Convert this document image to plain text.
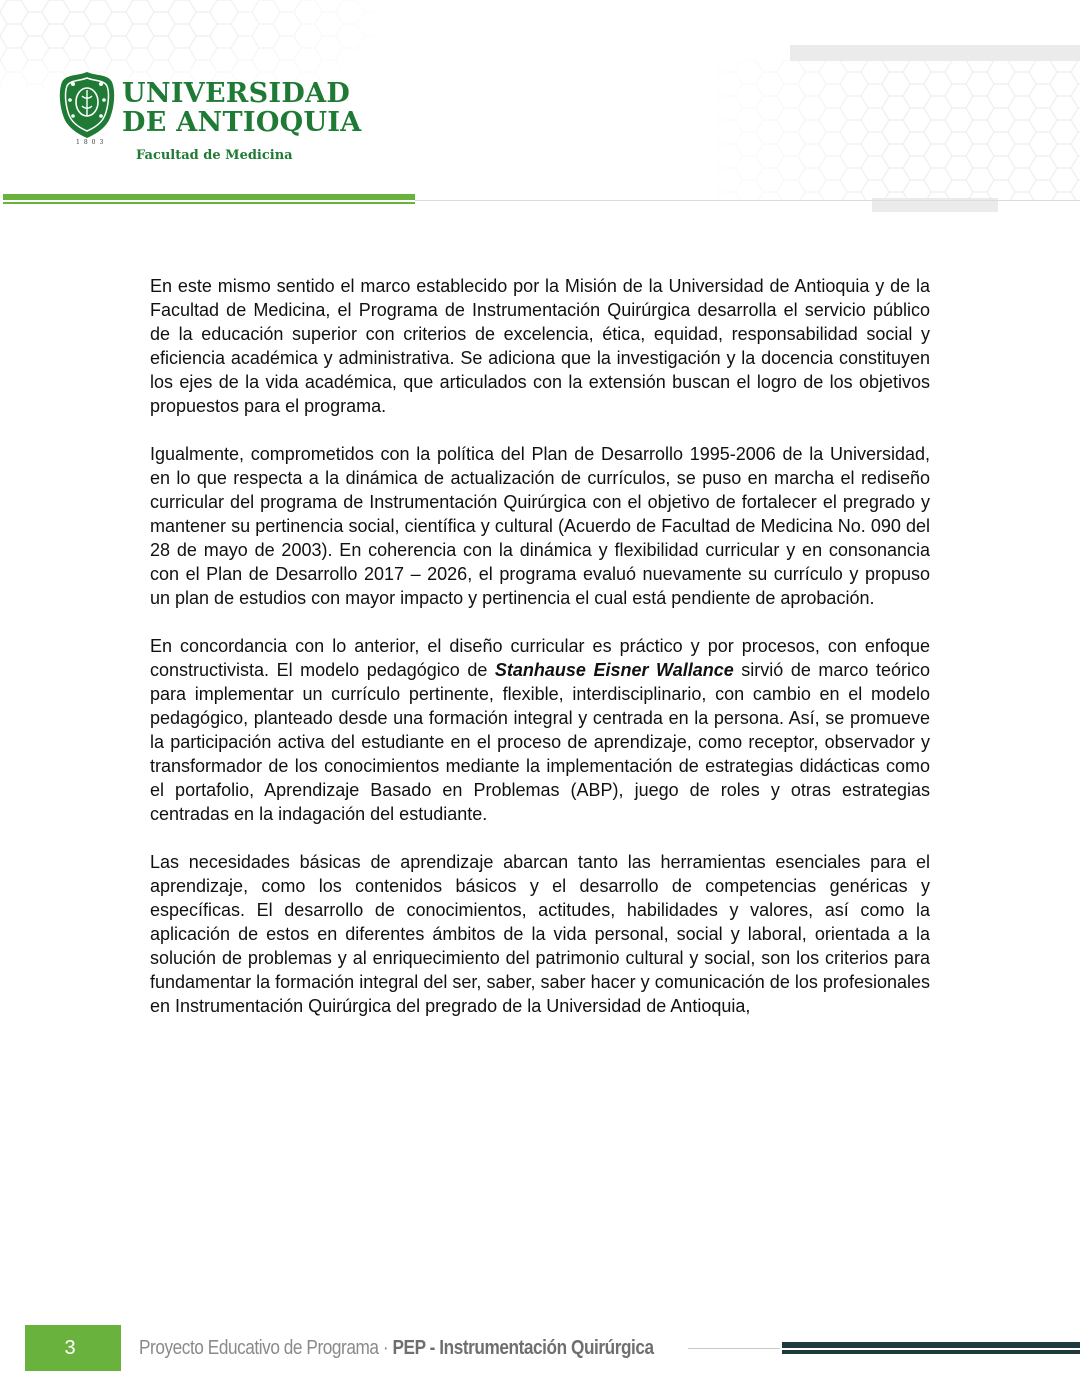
1803
UNIVERSIDAD
DE ANTIOQUIA
Facultad de Medicina

En este mismo sentido el marco establecido por la Misión de la Universidad de Antioquia y de la Facultad de Medicina, el Programa de Instrumentación Quirúrgica desarrolla el servicio público de la educación superior con criterios de excelencia, ética, equidad, responsabilidad social y eficiencia académica y administrativa. Se adiciona que la investigación y la docencia constituyen los ejes de la vida académica, que articulados con la extensión buscan el logro de los objetivos propuestos para el programa.

Igualmente, comprometidos con la política del Plan de Desarrollo 1995-2006 de la Universidad, en lo que respecta a la dinámica de actualización de currículos, se puso en marcha el rediseño curricular del programa de Instrumentación Quirúrgica con el objetivo de fortalecer el pregrado y mantener su pertinencia social, científica y cultural (Acuerdo de Facultad de Medicina No. 090 del 28 de mayo de 2003). En coherencia con la dinámica y flexibilidad curricular y en consonancia con el Plan de Desarrollo 2017 – 2026, el programa evaluó nuevamente su currículo y propuso un plan de estudios con mayor impacto y pertinencia el cual está pendiente de aprobación.

En concordancia con lo anterior, el diseño curricular es práctico y por procesos, con enfoque constructivista. El modelo pedagógico de Stanhause Eisner Wallance sirvió de marco teórico para implementar un currículo pertinente, flexible, interdisciplinario, con cambio en el modelo pedagógico, planteado desde una formación integral y centrada en la persona. Así, se promueve la participación activa del estudiante en el proceso de aprendizaje, como receptor, observador y transformador de los conocimientos mediante la implementación de estrategias didácticas como el portafolio, Aprendizaje Basado en Problemas (ABP), juego de roles y otras estrategias centradas en la indagación del estudiante.

Las necesidades básicas de aprendizaje abarcan tanto las herramientas esenciales para el aprendizaje, como los contenidos básicos y el desarrollo de competencias genéricas y específicas. El desarrollo de conocimientos, actitudes, habilidades y valores, así como la aplicación de estos en diferentes ámbitos de la vida personal, social y laboral, orientada a la solución de problemas y al enriquecimiento del patrimonio cultural y social, son los criterios para fundamentar la formación integral del ser, saber, saber hacer y comunicación de los profesionales en Instrumentación Quirúrgica del pregrado de la Universidad de Antioquia,

3	Proyecto Educativo de Programa · PEP - Instrumentación Quirúrgica
